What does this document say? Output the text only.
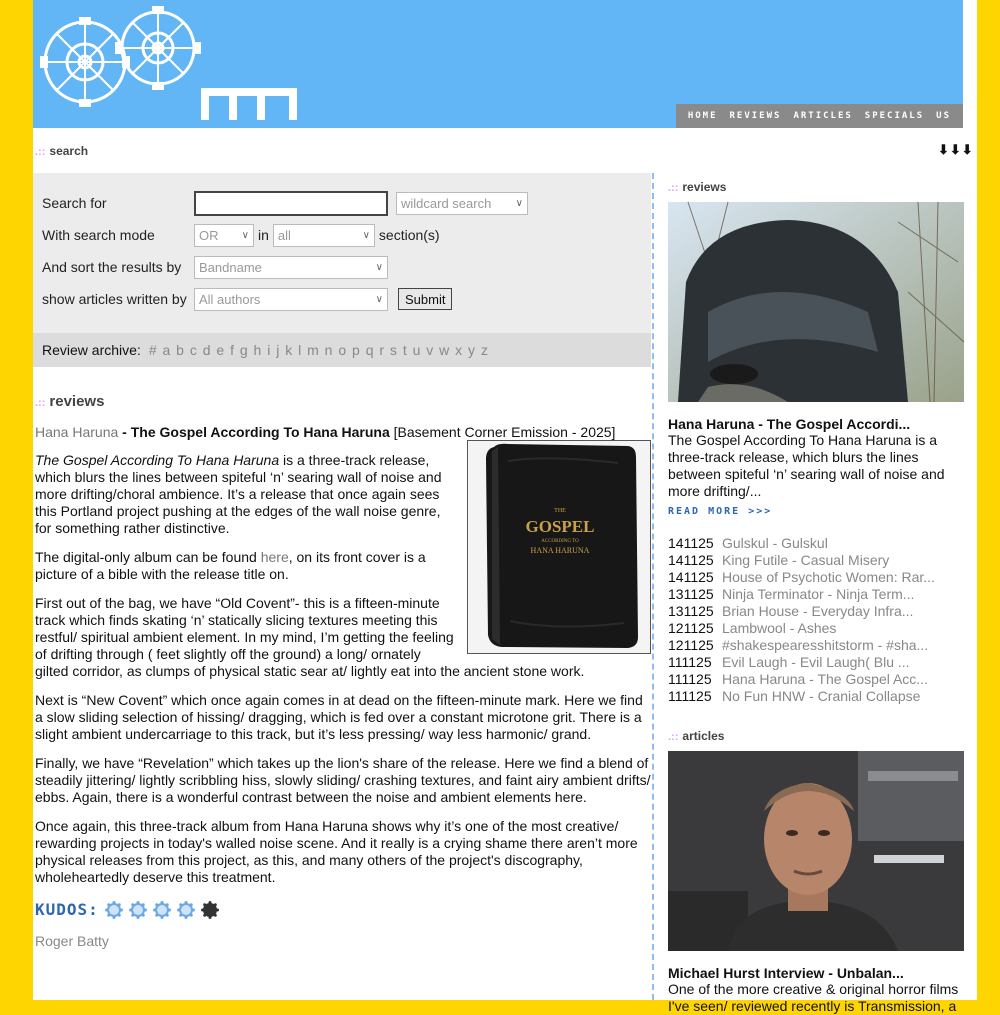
HOME REVIEWS ARTICLES SPECIALS US
.:: search	⬇⬇⬇
Search for	wildcard search ∨
With search mode	OR ∨ in all	∨ section(s)
And sort the results by	Bandname	∨
show articles written by All authors	∨	Submit
Review archive: # a b c d e f g h i j k l m n o p q r s t u v w x y z
.:: reviews
Hana Haruna - The Gospel According To Hana Haruna [Basement Corner Emission - 2025]
THE
GOSPEL
ACCORDING TO
HANA HARUNA

The Gospel According To Hana Haruna is a three-track release, which blurs the lines between spiteful ‘n’ searing wall of noise and more drifting/choral ambience. It’s a release that once again sees this Portland project pushing at the edges of the wall noise genre, for something rather distinctive.

The digital-only album can be found here, on its front cover is a picture of a bible with the release title on.

First out of the bag, we have “Old Covent”- this is a fifteen-minute track which finds skating ‘n’ statically slicing textures meeting this restful/ spiritual ambient element. In my mind, I’m getting the feeling of drifting through ( feet slightly off the ground) a long/ ornately gilted corridor, as clumps of physical static sear at/ lightly eat into the ancient stone work.

Next is “New Covent” which once again comes in at dead on the fifteen-minute mark. Here we find a slow sliding selection of hissing/ dragging, which is fed over a constant microtone grit. There is a slight ambient undercarriage to this track, but it’s less pressing/ way less harmonic/ grand.

Finally, we have “Revelation” which takes up the lion's share of the release. Here we find a blend of steadily jittering/ lightly scribbling hiss, slowly sliding/ crashing textures, and faint airy ambient drifts/ ebbs. Again, there is a wonderful contrast between the noise and ambient elements here.

Once again, this three-track album from Hana Haruna shows why it’s one of the most creative/ rewarding projects in today's walled noise scene. And it really is a crying shame there aren’t more physical releases from this project, as this, and many others of the project's discography, wholeheartedly deserve this treatment.

KUDOS:
Roger Batty
.:: reviews
Hana Haruna - The Gospel Accordi...
The Gospel According To Hana Haruna is a three-track release, which blurs the lines between spiteful ‘n’ searing wall of noise and more drifting/...
READ MORE >>>
141125 Gulskul - Gulskul
141125 King Futile - Casual Misery
141125 House of Psychotic Women: Rar...
131125 Ninja Terminator - Ninja Term...
131125 Brian House - Everyday Infra...
121125 Lambwool - Ashes
121125 #shakespearesshitstorm - #sha...
111125 Evil Laugh - Evil Laugh( Blu ...
111125 Hana Haruna - The Gospel Acc...
111125 No Fun HNW - Cranial Collapse
.:: articles
Michael Hurst Interview - Unbalan...
One of the more creative & original horror films I've seen/ reviewed recently is Transmission, a
